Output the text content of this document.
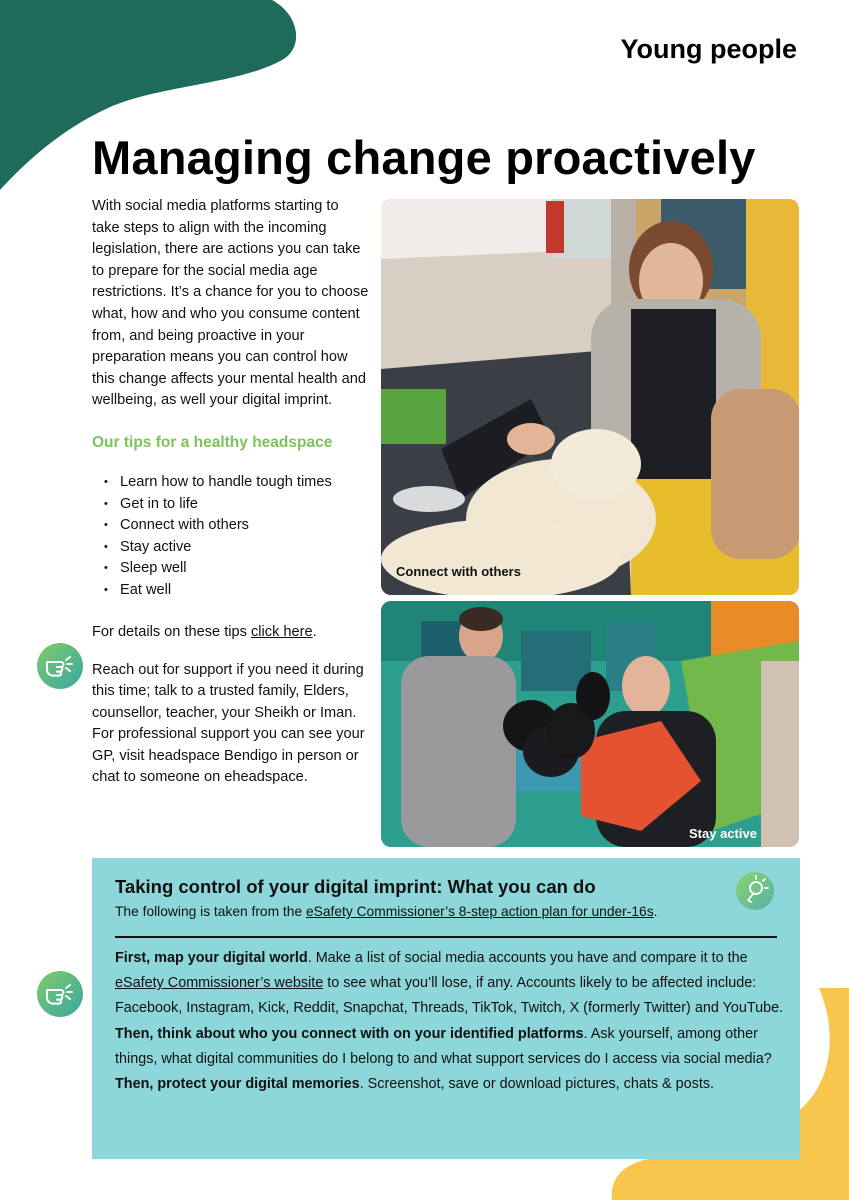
Young people
Managing change proactively

With social media platforms starting to take steps to align with the incoming legislation, there are actions you can take to prepare for the social media age restrictions. It’s a chance for you to choose what, how and who you consume content from, and being proactive in your preparation means you can control how this change affects your mental health and wellbeing, as well your digital imprint.

Our tips for a healthy headspace
• Learn how to handle tough times
• Get in to life
• Connect with others
• Stay active
• Sleep well
• Eat well

For details on these tips click here.

Reach out for support if you need it during this time; talk to a trusted family, Elders, counsellor, teacher, your Sheikh or Iman. For professional support you can see your GP, visit headspace Bendigo in person or chat to someone on eheadspace.

Connect with others
Stay active
Taking control of your digital imprint: What you can do
The following is taken from the eSafety Commissioner’s 8-step action plan for under-16s.
First, map your digital world. Make a list of social media accounts you have and compare it to the eSafety Commissioner’s website to see what you’ll lose, if any. Accounts likely to be affected include: Facebook, Instagram, Kick, Reddit, Snapchat, Threads, TikTok, Twitch, X (formerly Twitter) and YouTube.
Then, think about who you connect with on your identified platforms. Ask yourself, among other things, what digital communities do I belong to and what support services do I access via social media?
Then, protect your digital memories. Screenshot, save or download pictures, chats & posts.
